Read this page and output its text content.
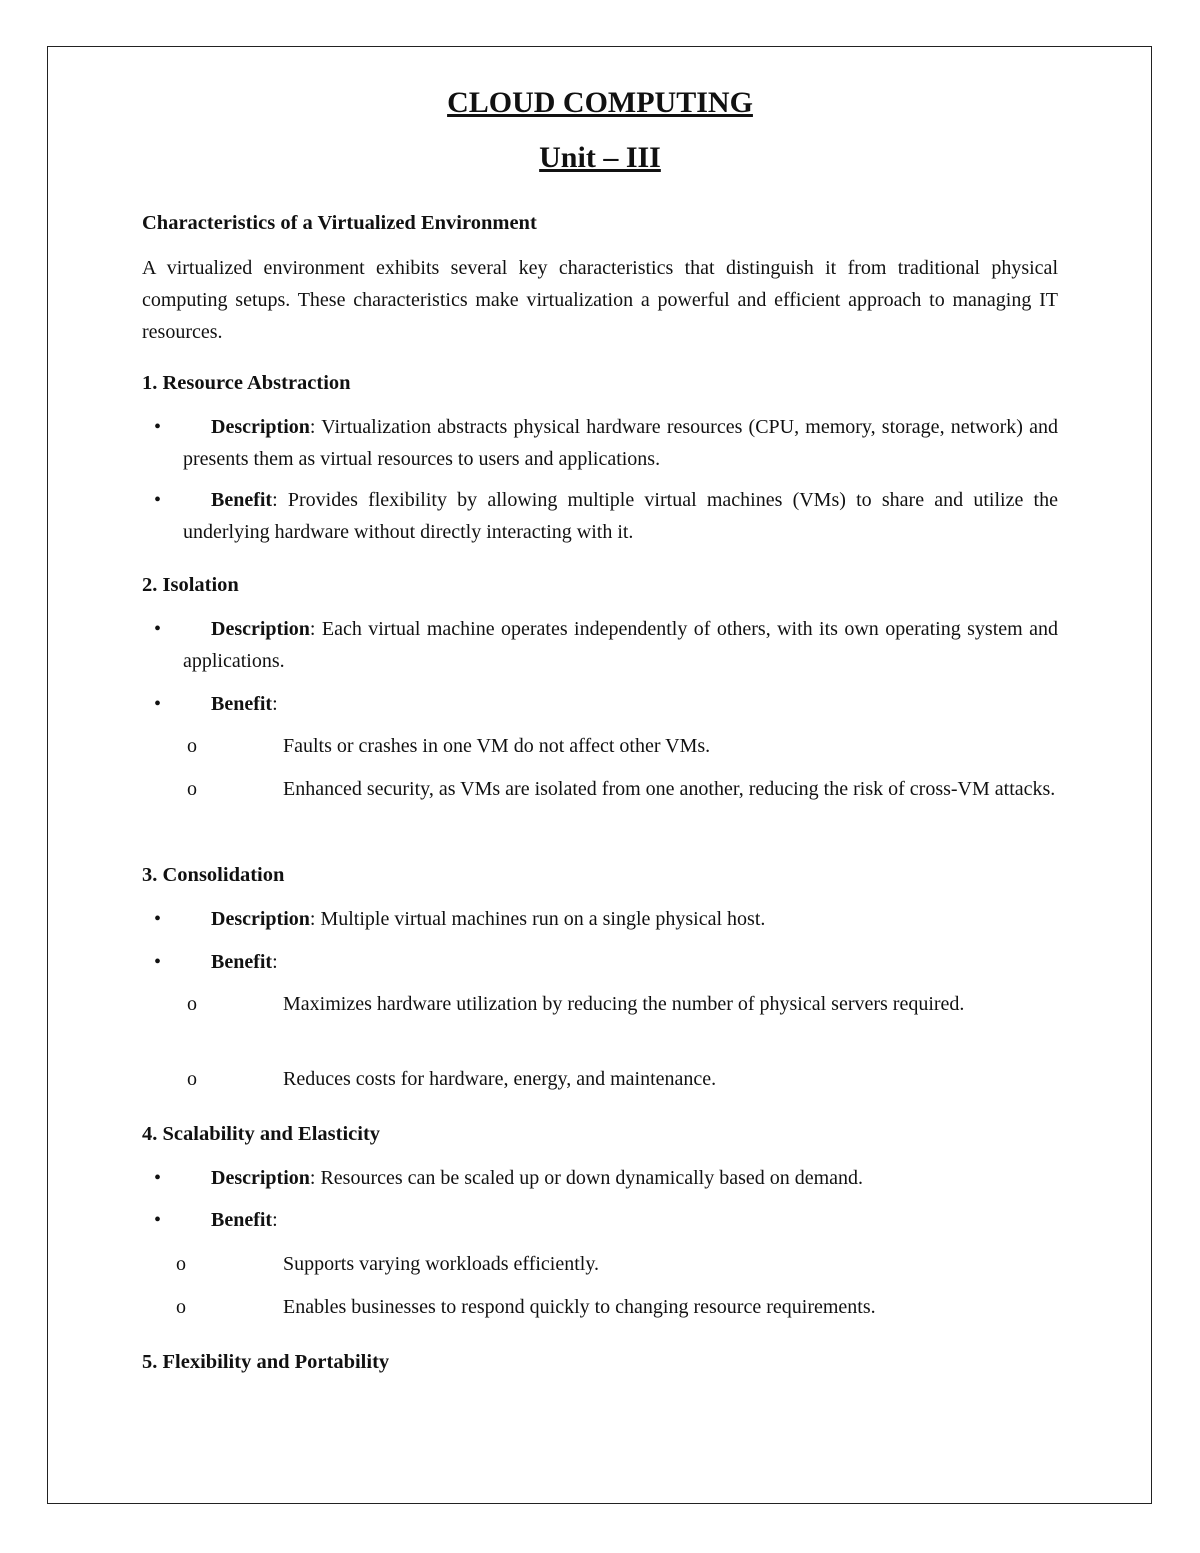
CLOUD COMPUTING
Unit – III
Characteristics of a Virtualized Environment

A virtualized environment exhibits several key characteristics that distinguish it from traditional physical computing setups. These characteristics make virtualization a powerful and efficient approach to managing IT resources.

1. Resource Abstraction
•	Description: Virtualization abstracts physical hardware resources (CPU, memory, storage, network) and presents them as virtual resources to users and applications.
•	Benefit: Provides flexibility by allowing multiple virtual machines (VMs) to share and utilize the underlying hardware without directly interacting with it.
2. Isolation
•	Description: Each virtual machine operates independently of others, with its own operating system and applications.
•	Benefit:
o	Faults or crashes in one VM do not affect other VMs.
o	Enhanced security, as VMs are isolated from one another, reducing the risk of cross-VM attacks.
3. Consolidation
•	Description: Multiple virtual machines run on a single physical host.
•	Benefit:
o	Maximizes hardware utilization by reducing the number of physical servers required.
o	Reduces costs for hardware, energy, and maintenance.
4. Scalability and Elasticity
•	Description: Resources can be scaled up or down dynamically based on demand.
•	Benefit:
o	Supports varying workloads efficiently.
o	Enables businesses to respond quickly to changing resource requirements.
5. Flexibility and Portability
